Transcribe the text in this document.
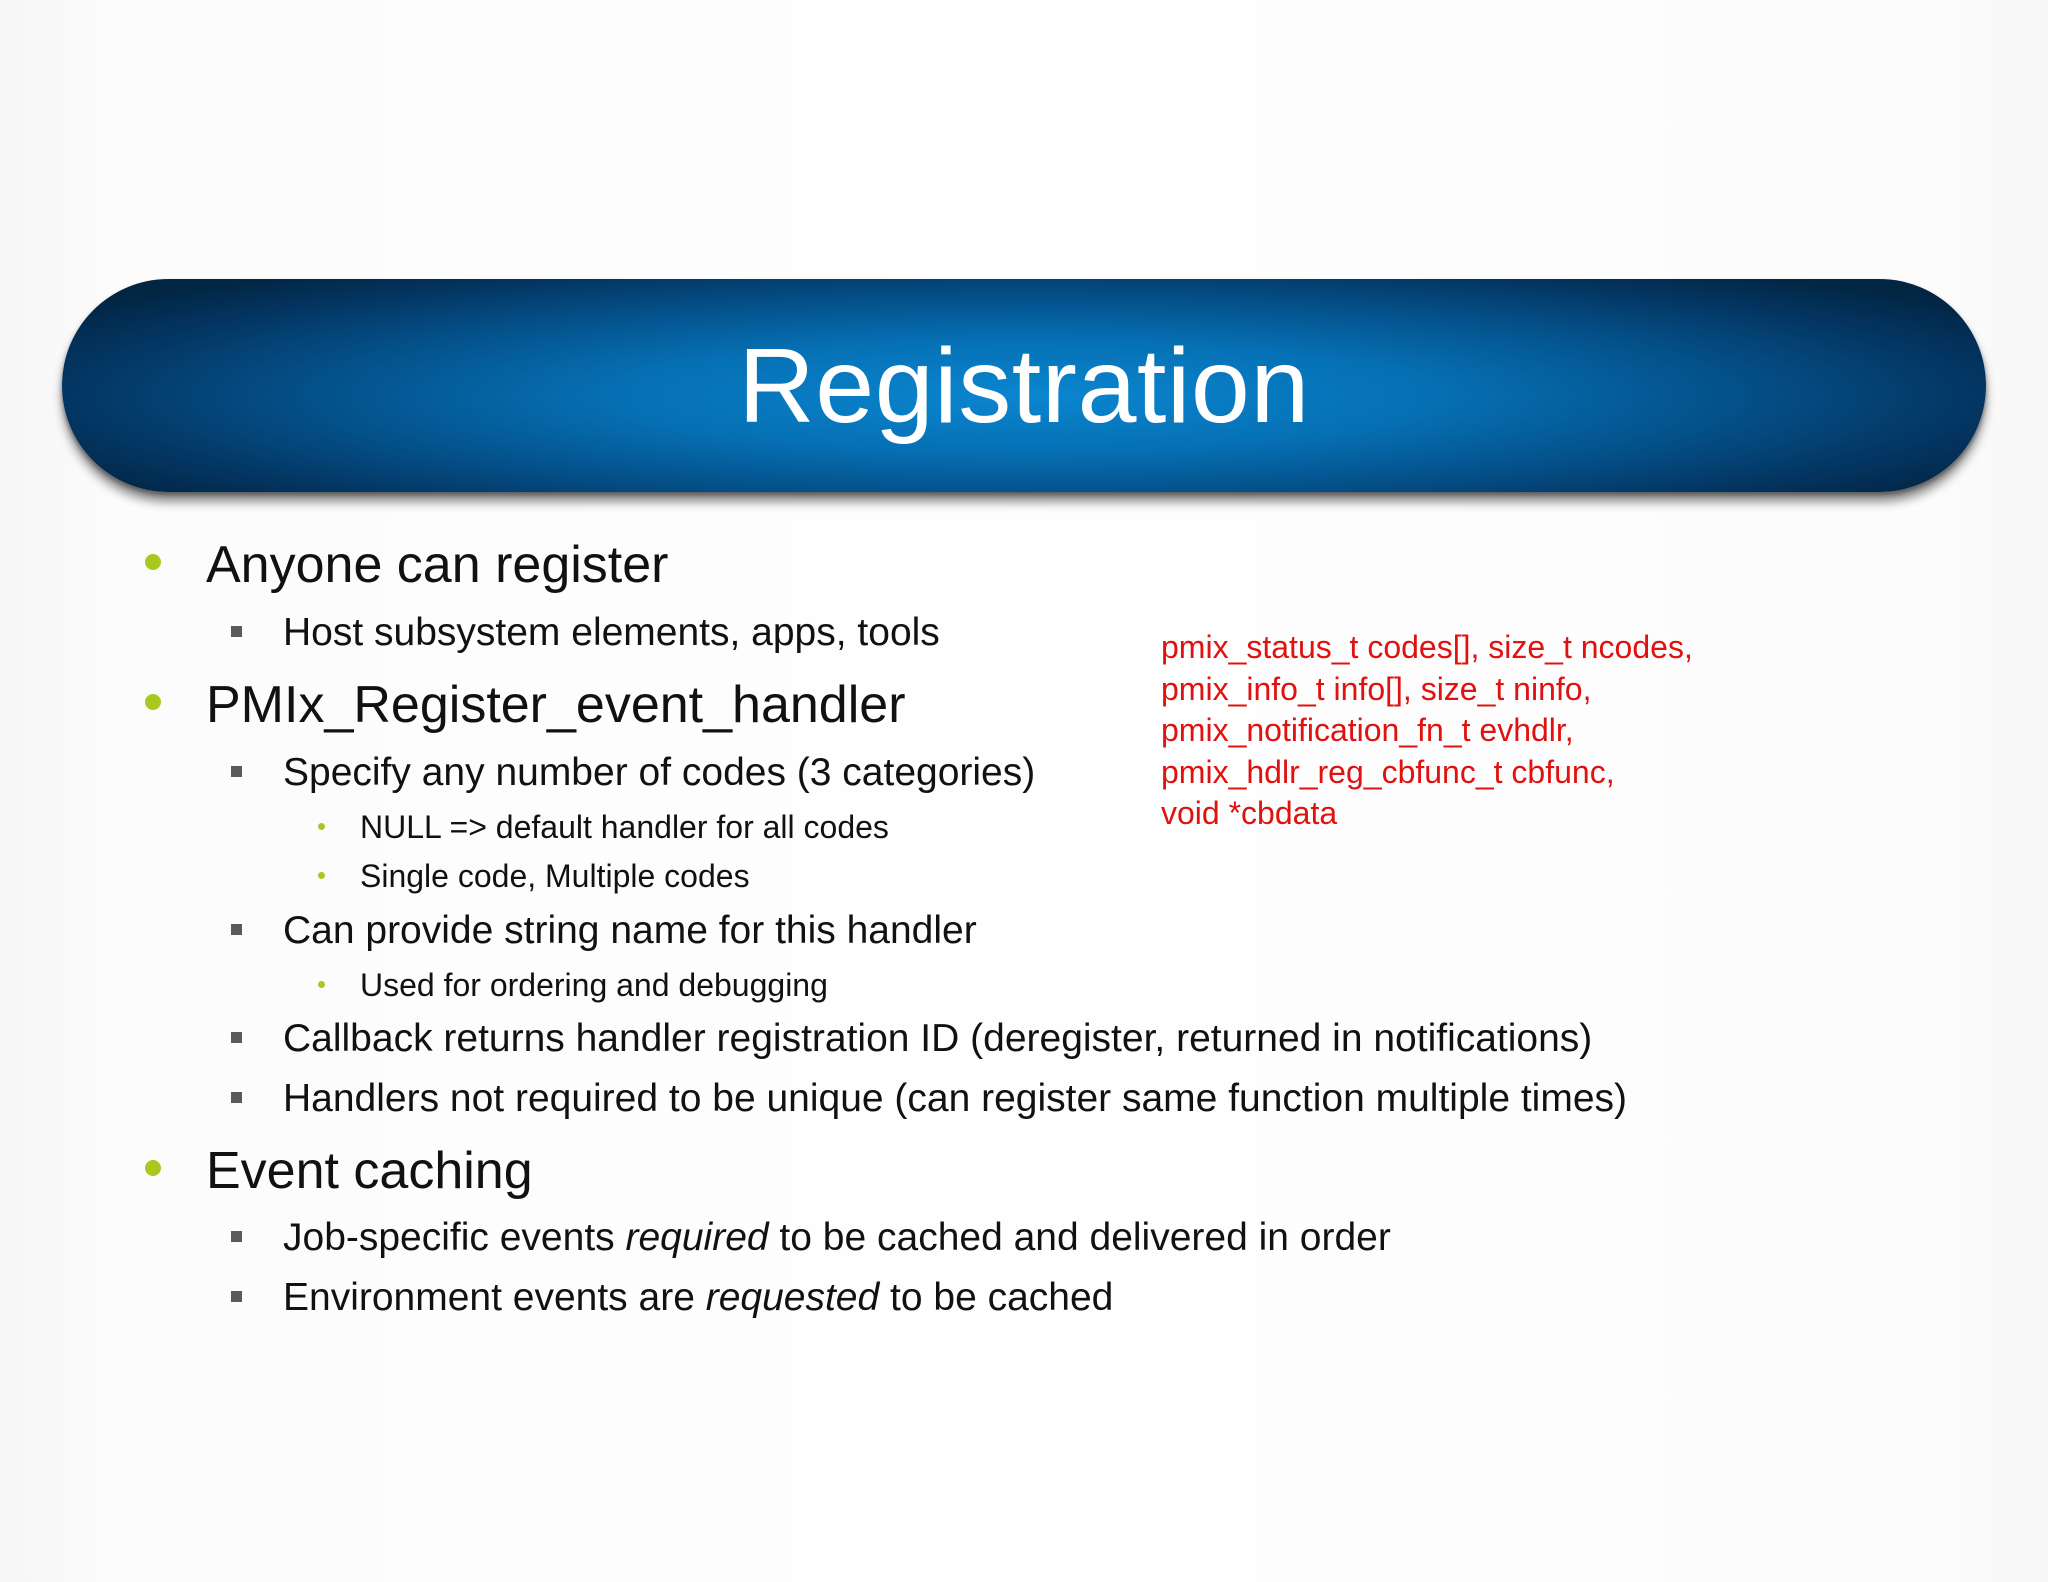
Registration
Anyone can register
Host subsystem elements, apps, tools
PMIx_Register_event_handler
Specify any number of codes (3 categories)
NULL => default handler for all codes
Single code, Multiple codes
Can provide string name for this handler
Used for ordering and debugging
Callback returns handler registration ID (deregister, returned in notifications)
Handlers not required to be unique (can register same function multiple times)
Event caching
Job-specific events required to be cached and delivered in order
Environment events are requested to be cached
pmix_status_t codes[], size_t ncodes,
pmix_info_t info[], size_t ninfo,
pmix_notification_fn_t evhdlr,
pmix_hdlr_reg_cbfunc_t cbfunc,
void *cbdata
